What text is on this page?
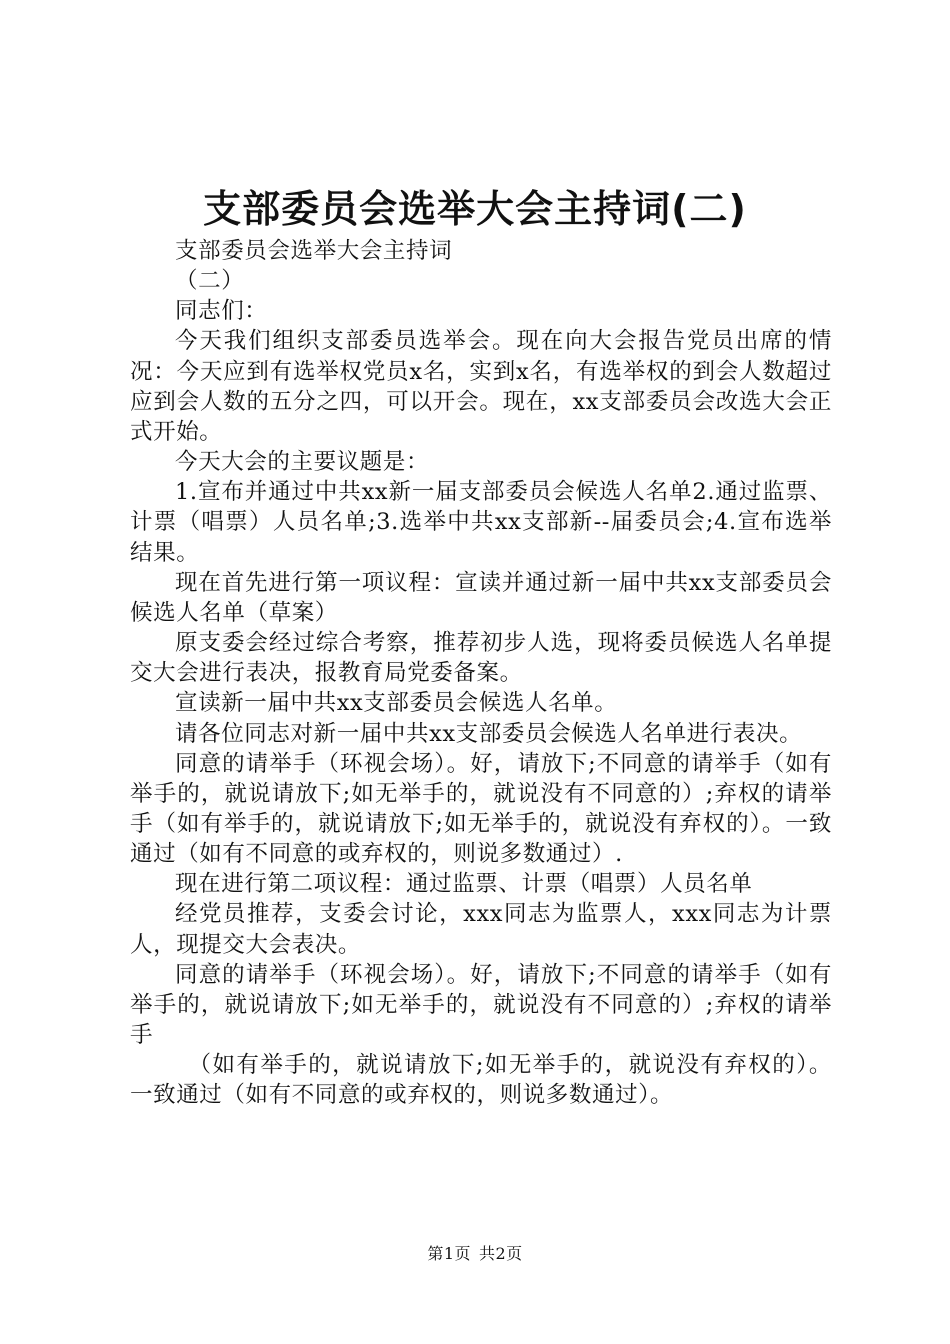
支部委员会选举大会主持词(二)

支部委员会选举大会主持词

（二）

同志们：

今天我们组织支部委员选举会。现在向大会报告党员出席的情况：今天应到有选举权党员x名，实到x名，有选举权的到会人数超过应到会人数的五分之四，可以开会。现在，xx支部委员会改选大会正式开始。

今天大会的主要议题是：

1.宣布并通过中共xx新一届支部委员会候选人名单2.通过监票、计票（唱票）人员名单;3.选举中共xx支部新--届委员会;4.宣布选举结果。

现在首先进行第一项议程：宣读并通过新一届中共xx支部委员会候选人名单（草案）

原支委会经过综合考察，推荐初步人选，现将委员候选人名单提交大会进行表决，报教育局党委备案。

宣读新一届中共xx支部委员会候选人名单。

请各位同志对新一届中共xx支部委员会候选人名单进行表决。

同意的请举手（环视会场）。好，请放下;不同意的请举手（如有举手的，就说请放下;如无举手的，就说没有不同意的）;弃权的请举手（如有举手的，就说请放下;如无举手的，就说没有弃权的）。一致通过（如有不同意的或弃权的，则说多数通过）.

现在进行第二项议程：通过监票、计票（唱票）人员名单

经党员推荐，支委会讨论，xxx同志为监票人，xxx同志为计票人，现提交大会表决。

同意的请举手（环视会场）。好，请放下;不同意的请举手（如有举手的，就说请放下;如无举手的，就说没有不同意的）;弃权的请举手

（如有举手的，就说请放下;如无举手的，就说没有弃权的）。一致通过（如有不同意的或弃权的，则说多数通过）。

第1页 共2页
